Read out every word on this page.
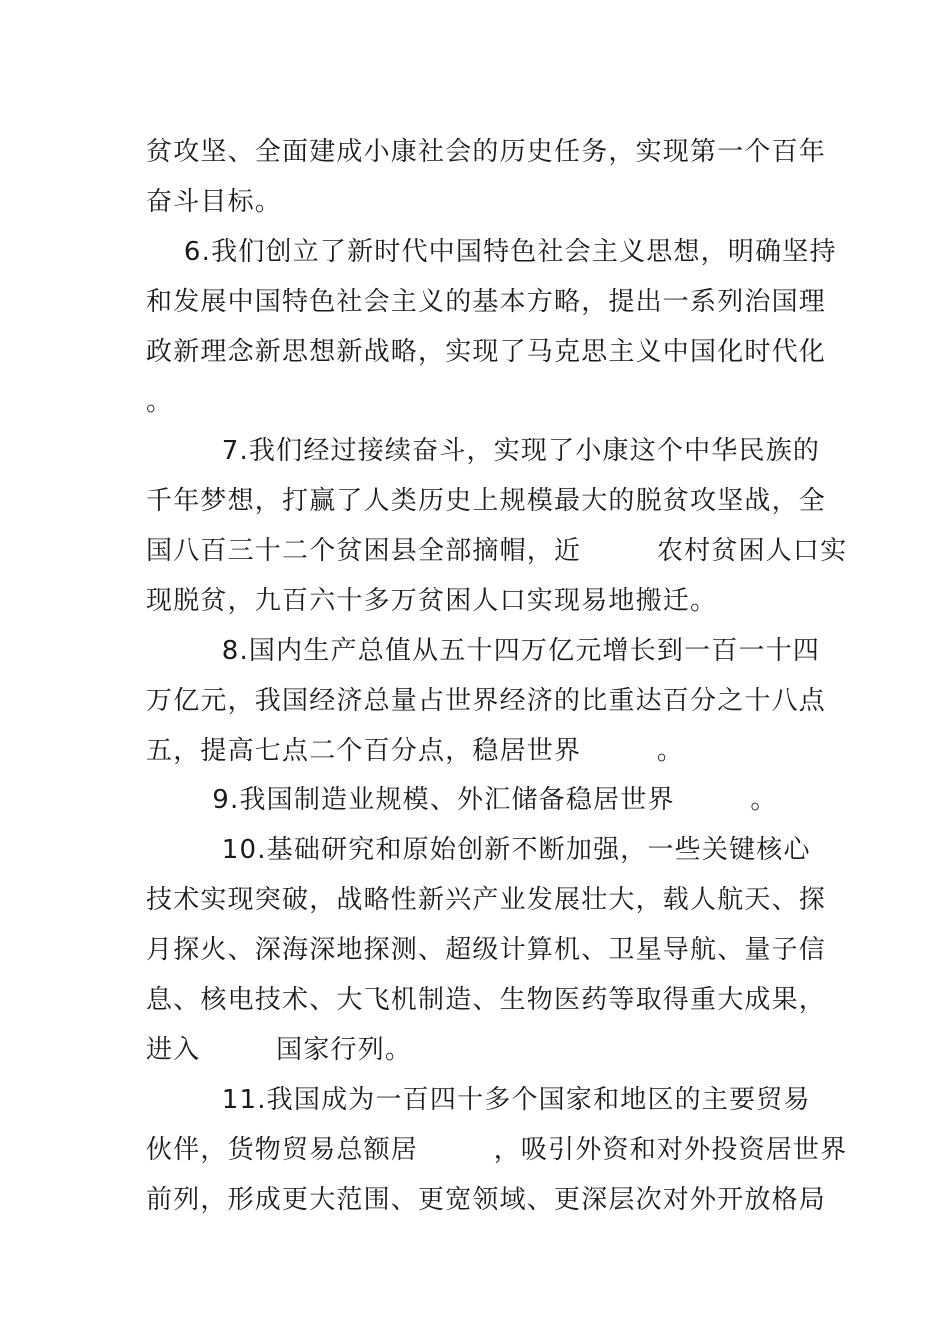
贫攻坚、全面建成小康社会的历史任务，实现第一个百年
奋斗目标。
6.我们创立了新时代中国特色社会主义思想，明确坚持
和发展中国特色社会主义的基本方略，提出一系列治国理
政新理念新思想新战略，实现了马克思主义中国化时代化
。
7.我们经过接续奋斗，实现了小康这个中华民族的
千年梦想，打赢了人类历史上规模最大的脱贫攻坚战，全
国八百三十二个贫困县全部摘帽，近        农村贫困人口实
现脱贫，九百六十多万贫困人口实现易地搬迁。
8.国内生产总值从五十四万亿元增长到一百一十四
万亿元，我国经济总量占世界经济的比重达百分之十八点
五，提高七点二个百分点，稳居世界        。
9.我国制造业规模、外汇储备稳居世界        。
10.基础研究和原始创新不断加强，一些关键核心
技术实现突破，战略性新兴产业发展壮大，载人航天、探
月探火、深海深地探测、超级计算机、卫星导航、量子信
息、核电技术、大飞机制造、生物医药等取得重大成果，
进入        国家行列。
11.我国成为一百四十多个国家和地区的主要贸易
伙伴，货物贸易总额居        ，吸引外资和对外投资居世界
前列，形成更大范围、更宽领域、更深层次对外开放格局
